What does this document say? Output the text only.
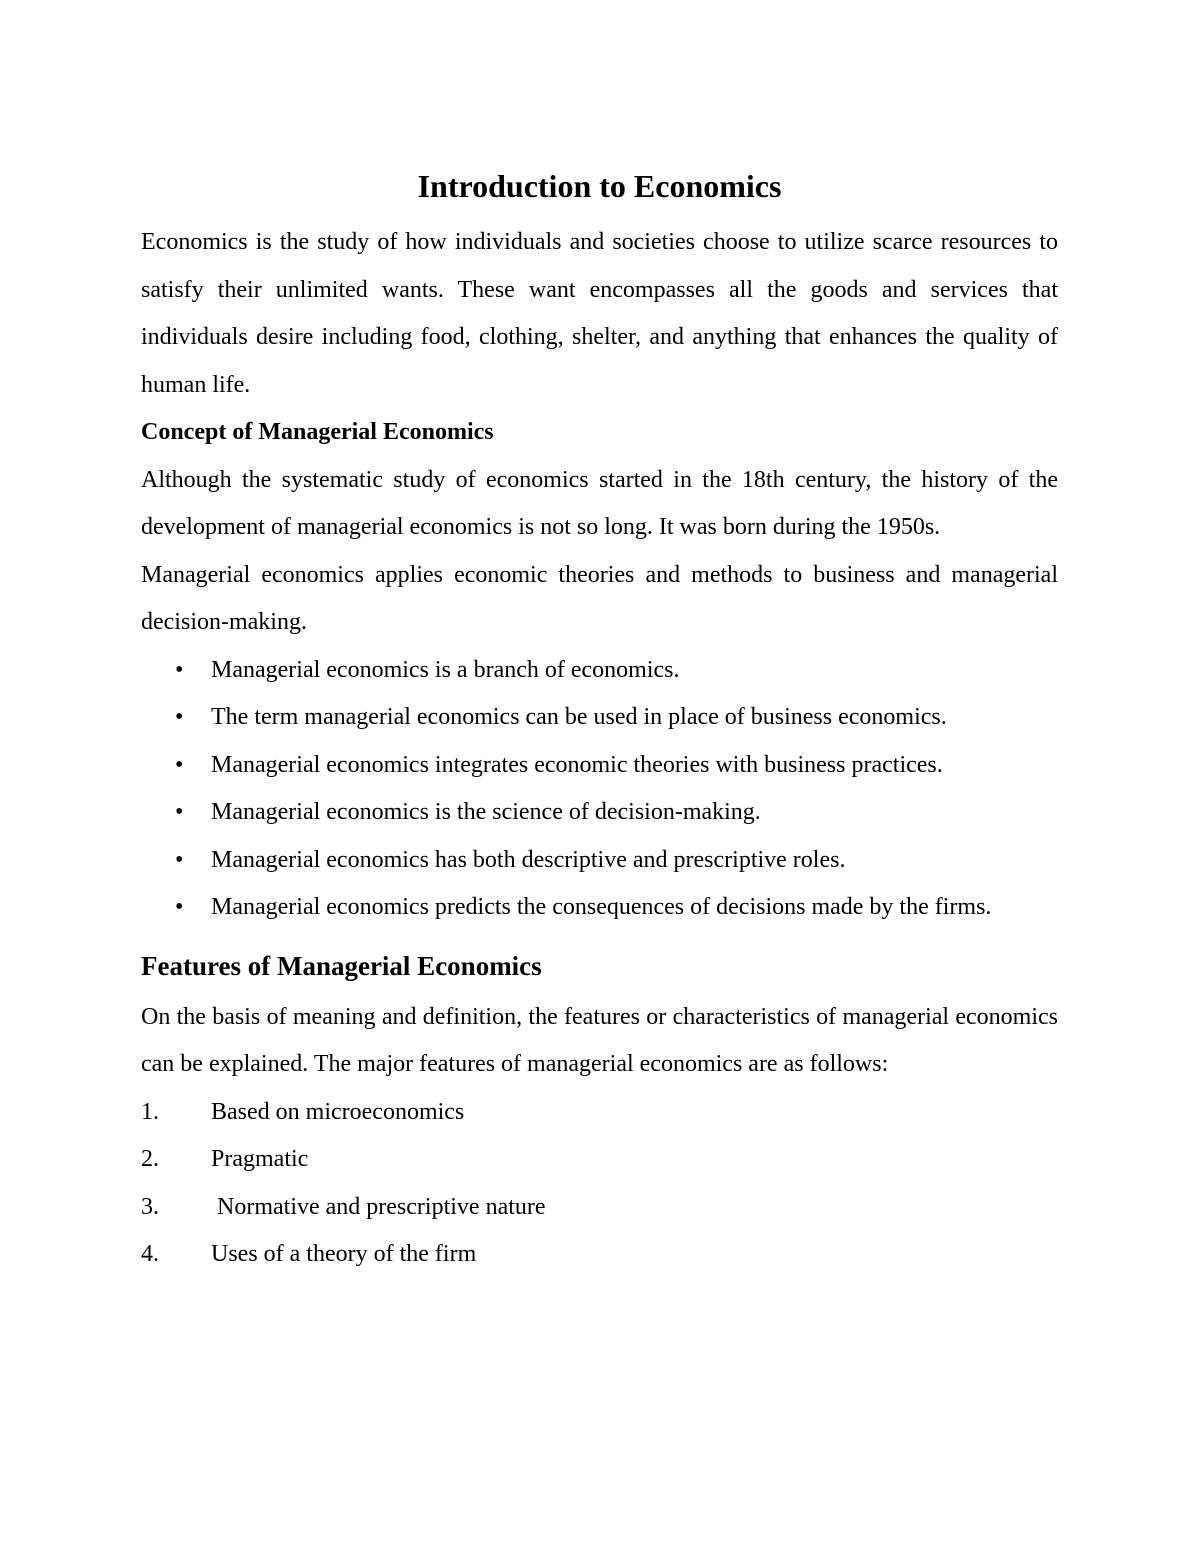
Introduction to Economics

Economics is the study of how individuals and societies choose to utilize scarce resources to satisfy their unlimited wants. These want encompasses all the goods and services that individuals desire including food, clothing, shelter, and anything that enhances the quality of human life.

Concept of Managerial Economics

Although the systematic study of economics started in the 18th century, the history of the development of managerial economics is not so long. It was born during the 1950s.

Managerial economics applies economic theories and methods to business and managerial decision-making.

• Managerial economics is a branch of economics.
• The term managerial economics can be used in place of business economics.
• Managerial economics integrates economic theories with business practices.
• Managerial economics is the science of decision-making.
• Managerial economics has both descriptive and prescriptive roles.
• Managerial economics predicts the consequences of decisions made by the firms.
Features of Managerial Economics

On the basis of meaning and definition, the features or characteristics of managerial economics can be explained. The major features of managerial economics are as follows:

1. Based on microeconomics
2. Pragmatic
3. Normative and prescriptive nature
4. Uses of a theory of the firm
